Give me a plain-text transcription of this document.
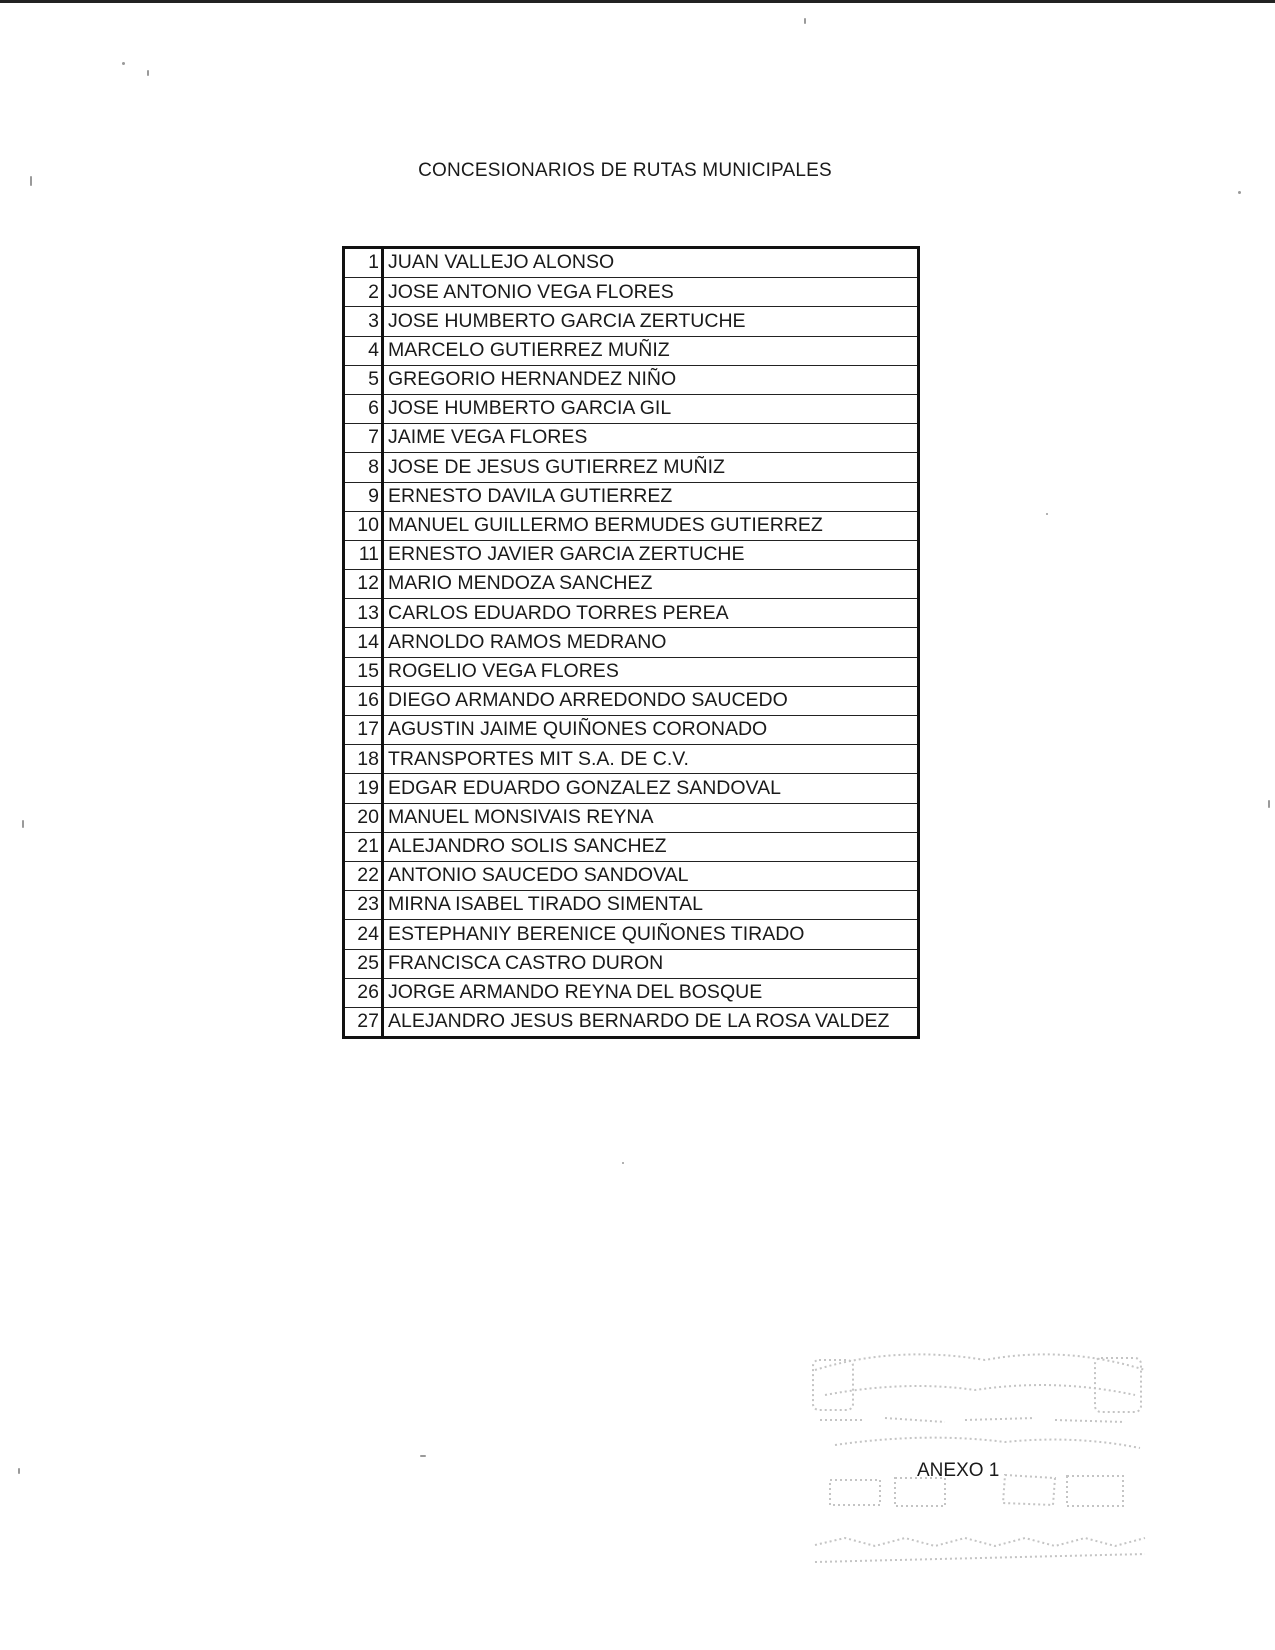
CONCESIONARIOS DE RUTAS MUNICIPALES
1	JUAN VALLEJO ALONSO
2	JOSE ANTONIO VEGA FLORES
3	JOSE HUMBERTO GARCIA ZERTUCHE
4	MARCELO GUTIERREZ MUÑIZ
5	GREGORIO HERNANDEZ NIÑO
6	JOSE HUMBERTO GARCIA GIL
7	JAIME VEGA FLORES
8	JOSE DE JESUS GUTIERREZ MUÑIZ
9	ERNESTO DAVILA GUTIERREZ
10	MANUEL GUILLERMO BERMUDES GUTIERREZ
11	ERNESTO JAVIER GARCIA ZERTUCHE
12	MARIO MENDOZA SANCHEZ
13	CARLOS EDUARDO TORRES PEREA
14	ARNOLDO RAMOS MEDRANO
15	ROGELIO VEGA FLORES
16	DIEGO ARMANDO ARREDONDO SAUCEDO
17	AGUSTIN JAIME QUIÑONES CORONADO
18	TRANSPORTES MIT S.A. DE C.V.
19	EDGAR EDUARDO GONZALEZ SANDOVAL
20	MANUEL MONSIVAIS REYNA
21	ALEJANDRO SOLIS SANCHEZ
22	ANTONIO SAUCEDO SANDOVAL
23	MIRNA ISABEL TIRADO SIMENTAL
24	ESTEPHANIY BERENICE QUIÑONES TIRADO
25	FRANCISCA CASTRO DURON
26	JORGE ARMANDO REYNA DEL BOSQUE
27	ALEJANDRO JESUS BERNARDO DE LA ROSA VALDEZ
ANEXO 1
